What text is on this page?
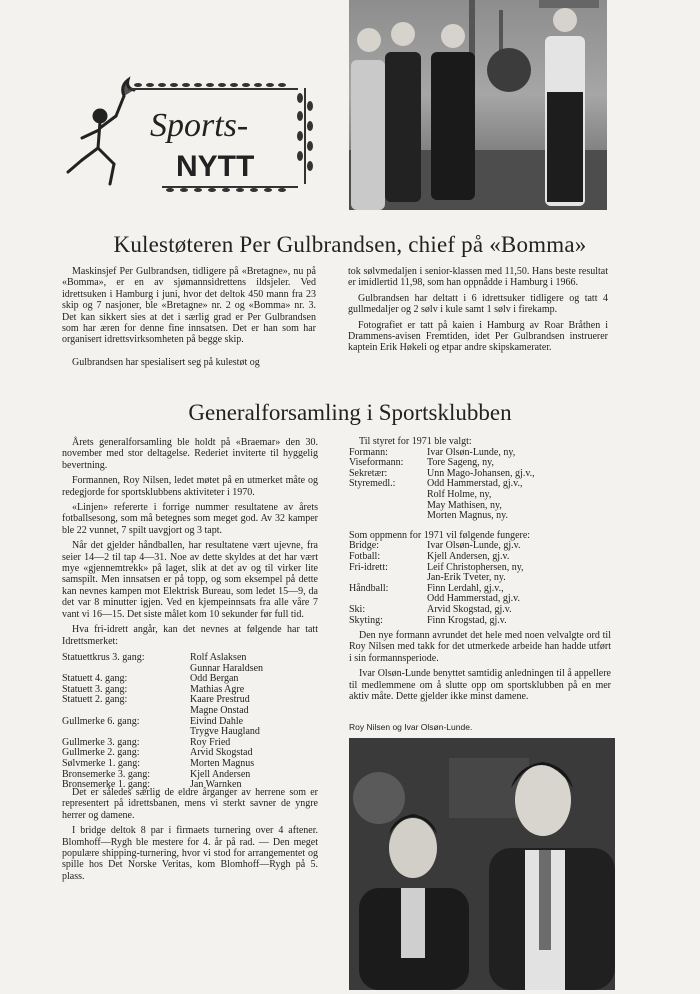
Sports-
NYTT
Kulestøteren Per Gulbrandsen, chief på «Bomma»

Maskinsjef Per Gulbrandsen, tidligere på «Bretagne», nu på «Bomma», er en av sjømannsidrettens ildsjeler. Ved idrettsuken i Hamburg i juni, hvor det deltok 450 mann fra 23 skip og 7 nasjoner, ble «Bretagne» nr. 2 og «Bomma» nr. 3. Det kan sikkert sies at det i særlig grad er Per Gulbrandsen som har æren for denne fine innsatsen. Det er han som har organisert idrettsvirksomheten på begge skip.

Gulbrandsen har spesialisert seg på kulestøt og

tok sølvmedaljen i senior-klassen med 11,50. Hans beste resultat er imidlertid 11,98, som han oppnådde i Hamburg i 1966.

Gulbrandsen har deltatt i 6 idrettsuker tidligere og tatt 4 gullmedaljer og 2 sølv i kule samt 1 sølv i firekamp.

Fotografiet er tatt på kaien i Hamburg av Roar Bråthen i Drammens-avisen Fremtiden, idet Per Gulbrandsen instruerer kaptein Erik Høkeli og etpar andre skipskamerater.

Generalforsamling i Sportsklubben

Årets generalforsamling ble holdt på «Braemar» den 30. november med stor deltagelse. Rederiet inviterte til hyggelig bevertning.

Formannen, Roy Nilsen, ledet møtet på en utmerket måte og redegjorde for sportsklubbens aktiviteter i 1970.

«Linjen» refererte i forrige nummer resultatene av årets fotballsesong, som må betegnes som meget god. Av 32 kamper ble 22 vunnet, 7 spilt uavgjort og 3 tapt.

Når det gjelder håndballen, har resultatene vært ujevne, fra seier 14—2 til tap 4—31. Noe av dette skyldes at det har vært mye «gjennemtrekk» på laget, slik at det av og til virker lite samspilt. Men innsatsen er på topp, og som eksempel på dette kan nevnes kampen mot Elektrisk Bureau, som ledet 15—9, da det var 8 minutter igjen. Ved en kjempeinnsats fra alle våre 7 vant vi 16—15. Det siste målet kom 10 sekunder før full tid.

Hva fri-idrett angår, kan det nevnes at følgende har tatt Idrettsmerket:

Statuettkrus 3. gang:	Rolf Aslaksen
Gunnar Haraldsen
Statuett 4. gang:	Odd Bergan
Statuett 3. gang:	Mathias Agre
Statuett 2. gang:	Kaare Prestrud
Magne Onstad
Gullmerke 6. gang:	Eivind Dahle
Trygve Haugland
Gullmerke 3. gang:	Roy Fried
Gullmerke 2. gang:	Arvid Skogstad
Sølvmerke 1. gang:	Morten Magnus
Bronsemerke 3. gang:	Kjell Andersen
Bronsemerke 1. gang:	Jan Warnken

Det er således særlig de eldre årganger av herrene som er representert på idrettsbanen, mens vi sterkt savner de yngre herrer og damene.

I bridge deltok 8 par i firmaets turnering over 4 aftener. Blomhoff—Rygh ble mestere for 4. år på rad. — Den meget populære shipping-turnering, hvor vi stod for arrangementet og spille hos Det Norske Veritas, kom Blomhoff—Rygh på 5. plass.

Til styret for 1971 ble valgt:
Formann:	Ivar Olsøn-Lunde, ny,
Viseformann:	Tore Sageng, ny,
Sekretær:	Unn Mago-Johansen, gj.v.,
Styremedl.:	Odd Hammerstad, gj.v.,
Rolf Holme, ny,
May Mathisen, ny,
Morten Magnus, ny.
Som oppmenn for 1971 vil følgende fungere:
Bridge:	Ivar Olsøn-Lunde, gj.v.
Fotball:	Kjell Andersen, gj.v.
Fri-idrett:	Leif Christophersen, ny,
Jan-Erik Tveter, ny.
Håndball:	Finn Lerdahl, gj.v.,
Odd Hammerstad, gj.v.
Ski:	Arvid Skogstad, gj.v.
Skyting:	Finn Krogstad, gj.v.

Den nye formann avrundet det hele med noen velvalgte ord til Roy Nilsen med takk for det utmerkede arbeide han hadde utført i sin formannsperiode.

Ivar Olsøn-Lunde benyttet samtidig anledningen til å appellere til medlemmene om å slutte opp om sportsklubben på en mer aktiv måte. Dette gjelder ikke minst damene.

Roy Nilsen og Ivar Olsøn-Lunde.
